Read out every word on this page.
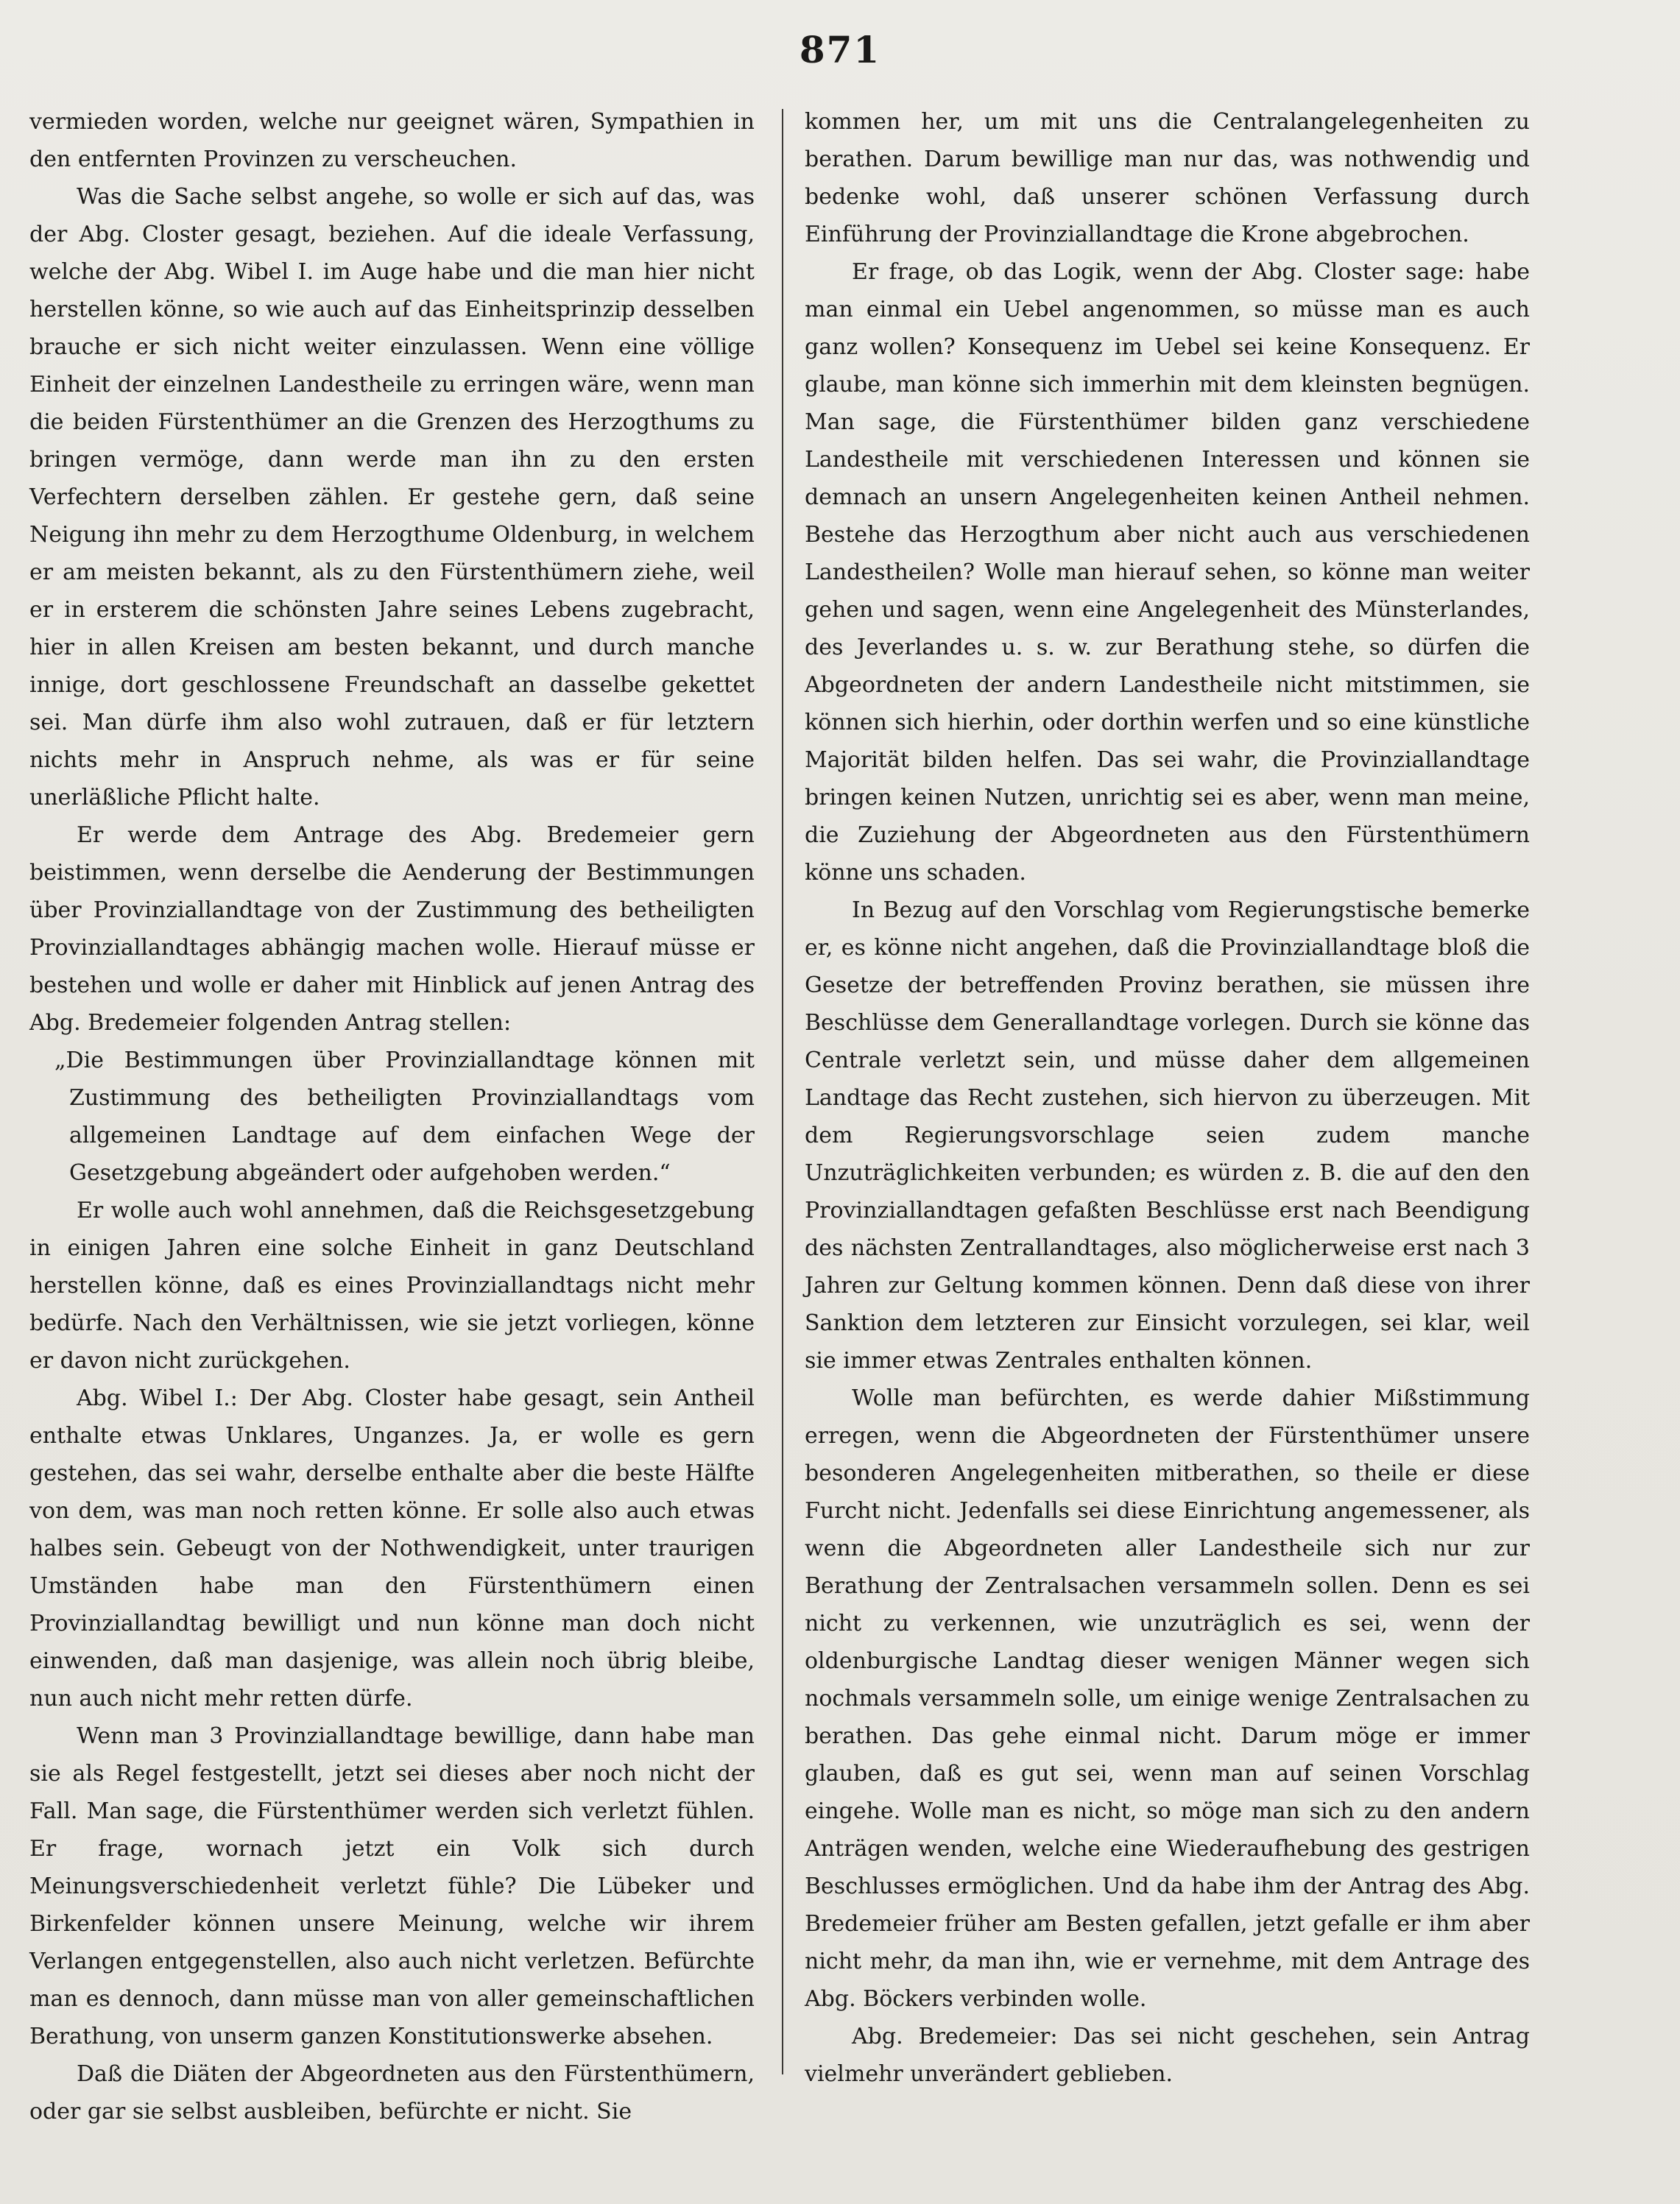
871

vermieden worden, welche nur geeignet wären, Sympathien in den entfernten Provinzen zu verscheuchen.

Was die Sache selbst angehe, so wolle er sich auf das, was der Abg. Closter gesagt, beziehen. Auf die ideale Verfassung, welche der Abg. Wibel I. im Auge habe und die man hier nicht herstellen könne, so wie auch auf das Einheitsprinzip desselben brauche er sich nicht weiter einzulassen. Wenn eine völlige Einheit der einzelnen Landestheile zu erringen wäre, wenn man die beiden Fürstenthümer an die Grenzen des Herzogthums zu bringen vermöge, dann werde man ihn zu den ersten Verfechtern derselben zählen. Er gestehe gern, daß seine Neigung ihn mehr zu dem Herzogthume Oldenburg, in welchem er am meisten bekannt, als zu den Fürstenthümern ziehe, weil er in ersterem die schönsten Jahre seines Lebens zugebracht, hier in allen Kreisen am besten bekannt, und durch manche innige, dort geschlossene Freundschaft an dasselbe gekettet sei. Man dürfe ihm also wohl zutrauen, daß er für letztern nichts mehr in Anspruch nehme, als was er für seine unerläßliche Pflicht halte.

Er werde dem Antrage des Abg. Bredemeier gern beistimmen, wenn derselbe die Aenderung der Bestimmungen über Provinziallandtage von der Zustimmung des betheiligten Provinziallandtages abhängig machen wolle. Hierauf müsse er bestehen und wolle er daher mit Hinblick auf jenen Antrag des Abg. Bredemeier folgenden Antrag stellen:

„Die Bestimmungen über Provinziallandtage können mit Zustimmung des betheiligten Provinziallandtags vom allgemeinen Landtage auf dem einfachen Wege der Gesetzgebung abgeändert oder aufgehoben werden.“

Er wolle auch wohl annehmen, daß die Reichsgesetzgebung in einigen Jahren eine solche Einheit in ganz Deutschland herstellen könne, daß es eines Provinziallandtags nicht mehr bedürfe. Nach den Verhältnissen, wie sie jetzt vorliegen, könne er davon nicht zurückgehen.

Abg. Wibel I.: Der Abg. Closter habe gesagt, sein Antheil enthalte etwas Unklares, Unganzes. Ja, er wolle es gern gestehen, das sei wahr, derselbe enthalte aber die beste Hälfte von dem, was man noch retten könne. Er solle also auch etwas halbes sein. Gebeugt von der Nothwendigkeit, unter traurigen Umständen habe man den Fürstenthümern einen Provinziallandtag bewilligt und nun könne man doch nicht einwenden, daß man dasjenige, was allein noch übrig bleibe, nun auch nicht mehr retten dürfe.

Wenn man 3 Provinziallandtage bewillige, dann habe man sie als Regel festgestellt, jetzt sei dieses aber noch nicht der Fall. Man sage, die Fürstenthümer werden sich verletzt fühlen. Er frage, wornach jetzt ein Volk sich durch Meinungsverschiedenheit verletzt fühle? Die Lübeker und Birkenfelder können unsere Meinung, welche wir ihrem Verlangen entgegenstellen, also auch nicht verletzen. Befürchte man es dennoch, dann müsse man von aller gemeinschaftlichen Berathung, von unserm ganzen Konstitutionswerke absehen.

Daß die Diäten der Abgeordneten aus den Fürstenthümern, oder gar sie selbst ausbleiben, befürchte er nicht. Sie

kommen her, um mit uns die Centralangelegenheiten zu berathen. Darum bewillige man nur das, was nothwendig und bedenke wohl, daß unserer schönen Verfassung durch Einführung der Provinziallandtage die Krone abgebrochen.

Er frage, ob das Logik, wenn der Abg. Closter sage: habe man einmal ein Uebel angenommen, so müsse man es auch ganz wollen? Konsequenz im Uebel sei keine Konsequenz. Er glaube, man könne sich immerhin mit dem kleinsten begnügen. Man sage, die Fürstenthümer bilden ganz verschiedene Landestheile mit verschiedenen Interessen und können sie demnach an unsern Angelegenheiten keinen Antheil nehmen. Bestehe das Herzogthum aber nicht auch aus verschiedenen Landestheilen? Wolle man hierauf sehen, so könne man weiter gehen und sagen, wenn eine Angelegenheit des Münsterlandes, des Jeverlandes u. s. w. zur Berathung stehe, so dürfen die Abgeordneten der andern Landestheile nicht mitstimmen, sie können sich hierhin, oder dorthin werfen und so eine künstliche Majorität bilden helfen. Das sei wahr, die Provinziallandtage bringen keinen Nutzen, unrichtig sei es aber, wenn man meine, die Zuziehung der Abgeordneten aus den Fürstenthümern könne uns schaden.

In Bezug auf den Vorschlag vom Regierungstische bemerke er, es könne nicht angehen, daß die Provinziallandtage bloß die Gesetze der betreffenden Provinz berathen, sie müssen ihre Beschlüsse dem Generallandtage vorlegen. Durch sie könne das Centrale verletzt sein, und müsse daher dem allgemeinen Landtage das Recht zustehen, sich hiervon zu überzeugen. Mit dem Regierungsvorschlage seien zudem manche Unzuträglichkeiten verbunden; es würden z. B. die auf den den Provinziallandtagen gefaßten Beschlüsse erst nach Beendigung des nächsten Zentrallandtages, also möglicherweise erst nach 3 Jahren zur Geltung kommen können. Denn daß diese von ihrer Sanktion dem letzteren zur Einsicht vorzulegen, sei klar, weil sie immer etwas Zentrales enthalten können.

Wolle man befürchten, es werde dahier Mißstimmung erregen, wenn die Abgeordneten der Fürstenthümer unsere besonderen Angelegenheiten mitberathen, so theile er diese Furcht nicht. Jedenfalls sei diese Einrichtung angemessener, als wenn die Abgeordneten aller Landestheile sich nur zur Berathung der Zentralsachen versammeln sollen. Denn es sei nicht zu verkennen, wie unzuträglich es sei, wenn der oldenburgische Landtag dieser wenigen Männer wegen sich nochmals versammeln solle, um einige wenige Zentralsachen zu berathen. Das gehe einmal nicht. Darum möge er immer glauben, daß es gut sei, wenn man auf seinen Vorschlag eingehe. Wolle man es nicht, so möge man sich zu den andern Anträgen wenden, welche eine Wiederaufhebung des gestrigen Beschlusses ermöglichen. Und da habe ihm der Antrag des Abg. Bredemeier früher am Besten gefallen, jetzt gefalle er ihm aber nicht mehr, da man ihn, wie er vernehme, mit dem Antrage des Abg. Böckers verbinden wolle.

Abg. Bredemeier: Das sei nicht geschehen, sein Antrag vielmehr unverändert geblieben.
